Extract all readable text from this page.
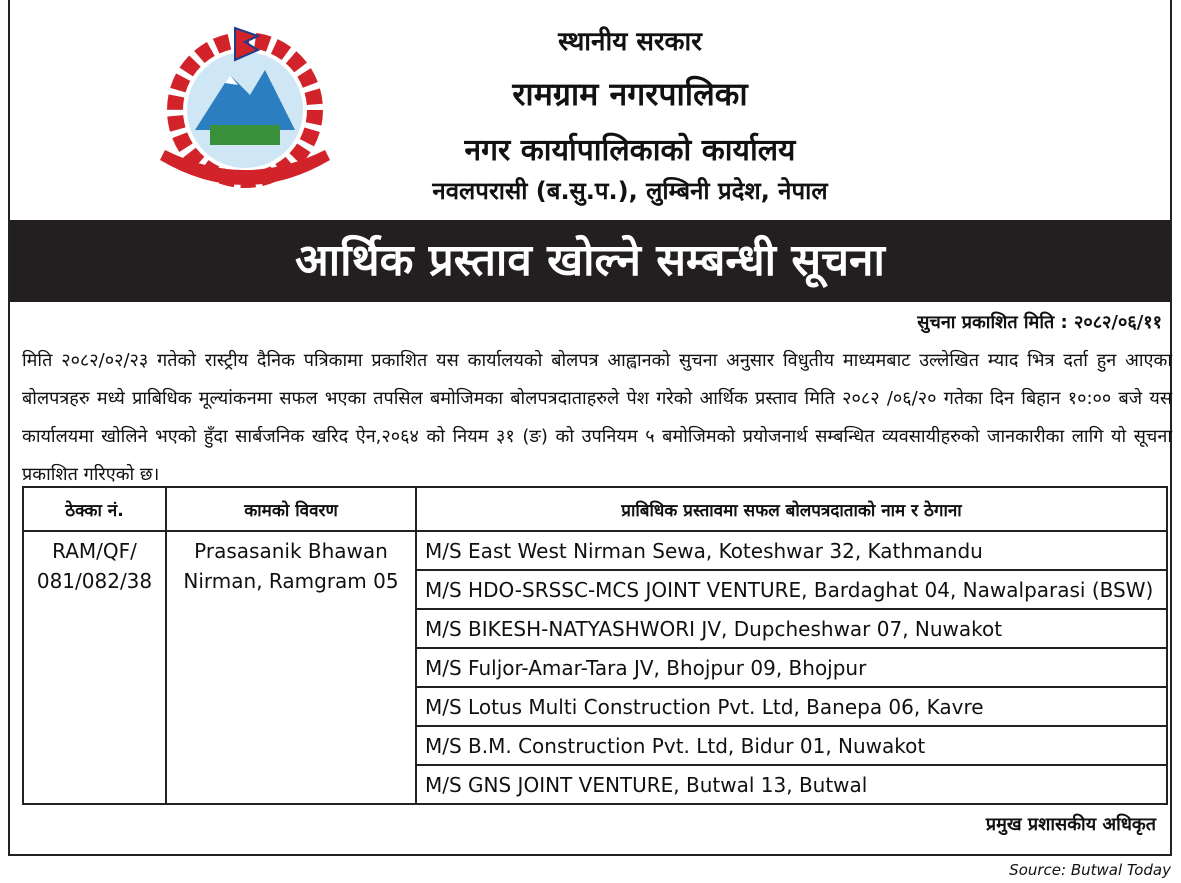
स्थानीय सरकार
रामग्राम नगरपालिका
नगर कार्यापालिकाको कार्यालय
नवलपरासी (ब.सु.प.), लुम्बिनी प्रदेश, नेपाल
आर्थिक प्रस्ताव खोल्ने सम्बन्धी सूचना
सुचना प्रकाशित मिति : २०८२/०६/११
मिति २०८२/०२/२३ गतेको रास्ट्रीय दैनिक पत्रिकामा प्रकाशित यस कार्यालयको बोलपत्र आह्वानको सुचना अनुसार विधुतीय माध्यमबाट उल्लेखित म्याद भित्र दर्ता हुन आएका बोलपत्रहरु मध्ये प्राबिधिक मूल्यांकनमा सफल भएका तपसिल बमोजिमका बोलपत्रदाताहरुले पेश गरेको आर्थिक प्रस्ताव मिति २०८२ /०६/२० गतेका दिन बिहान १०:०० बजे यस कार्यालयमा खोलिने भएको हुँदा सार्बजनिक खरिद ऐन,२०६४ को नियम ३१ (ङ) को उपनियम ५ बमोजिमको प्रयोजनार्थ सम्बन्धित व्यवसायीहरुको जानकारीका लागि यो सूचना प्रकाशित गरिएको छ।
ठेक्का नं.	कामको विवरण	प्राबिधिक प्रस्तावमा सफल बोलपत्रदाताको नाम र ठेगाना
RAM/QF/ 081/082/38	Prasasanik Bhawan Nirman, Ramgram 05	M/S East West Nirman Sewa, Koteshwar 32, Kathmandu
		M/S HDO-SRSSC-MCS JOINT VENTURE, Bardaghat 04, Nawalparasi (BSW)
		M/S BIKESH-NATYASHWORI JV, Dupcheshwar 07, Nuwakot
		M/S Fuljor-Amar-Tara JV, Bhojpur 09, Bhojpur
		M/S Lotus Multi Construction Pvt. Ltd, Banepa 06, Kavre
		M/S B.M. Construction Pvt. Ltd, Bidur 01, Nuwakot
		M/S GNS JOINT VENTURE, Butwal 13, Butwal
प्रमुख प्रशासकीय अधिकृत
Source: Butwal Today
